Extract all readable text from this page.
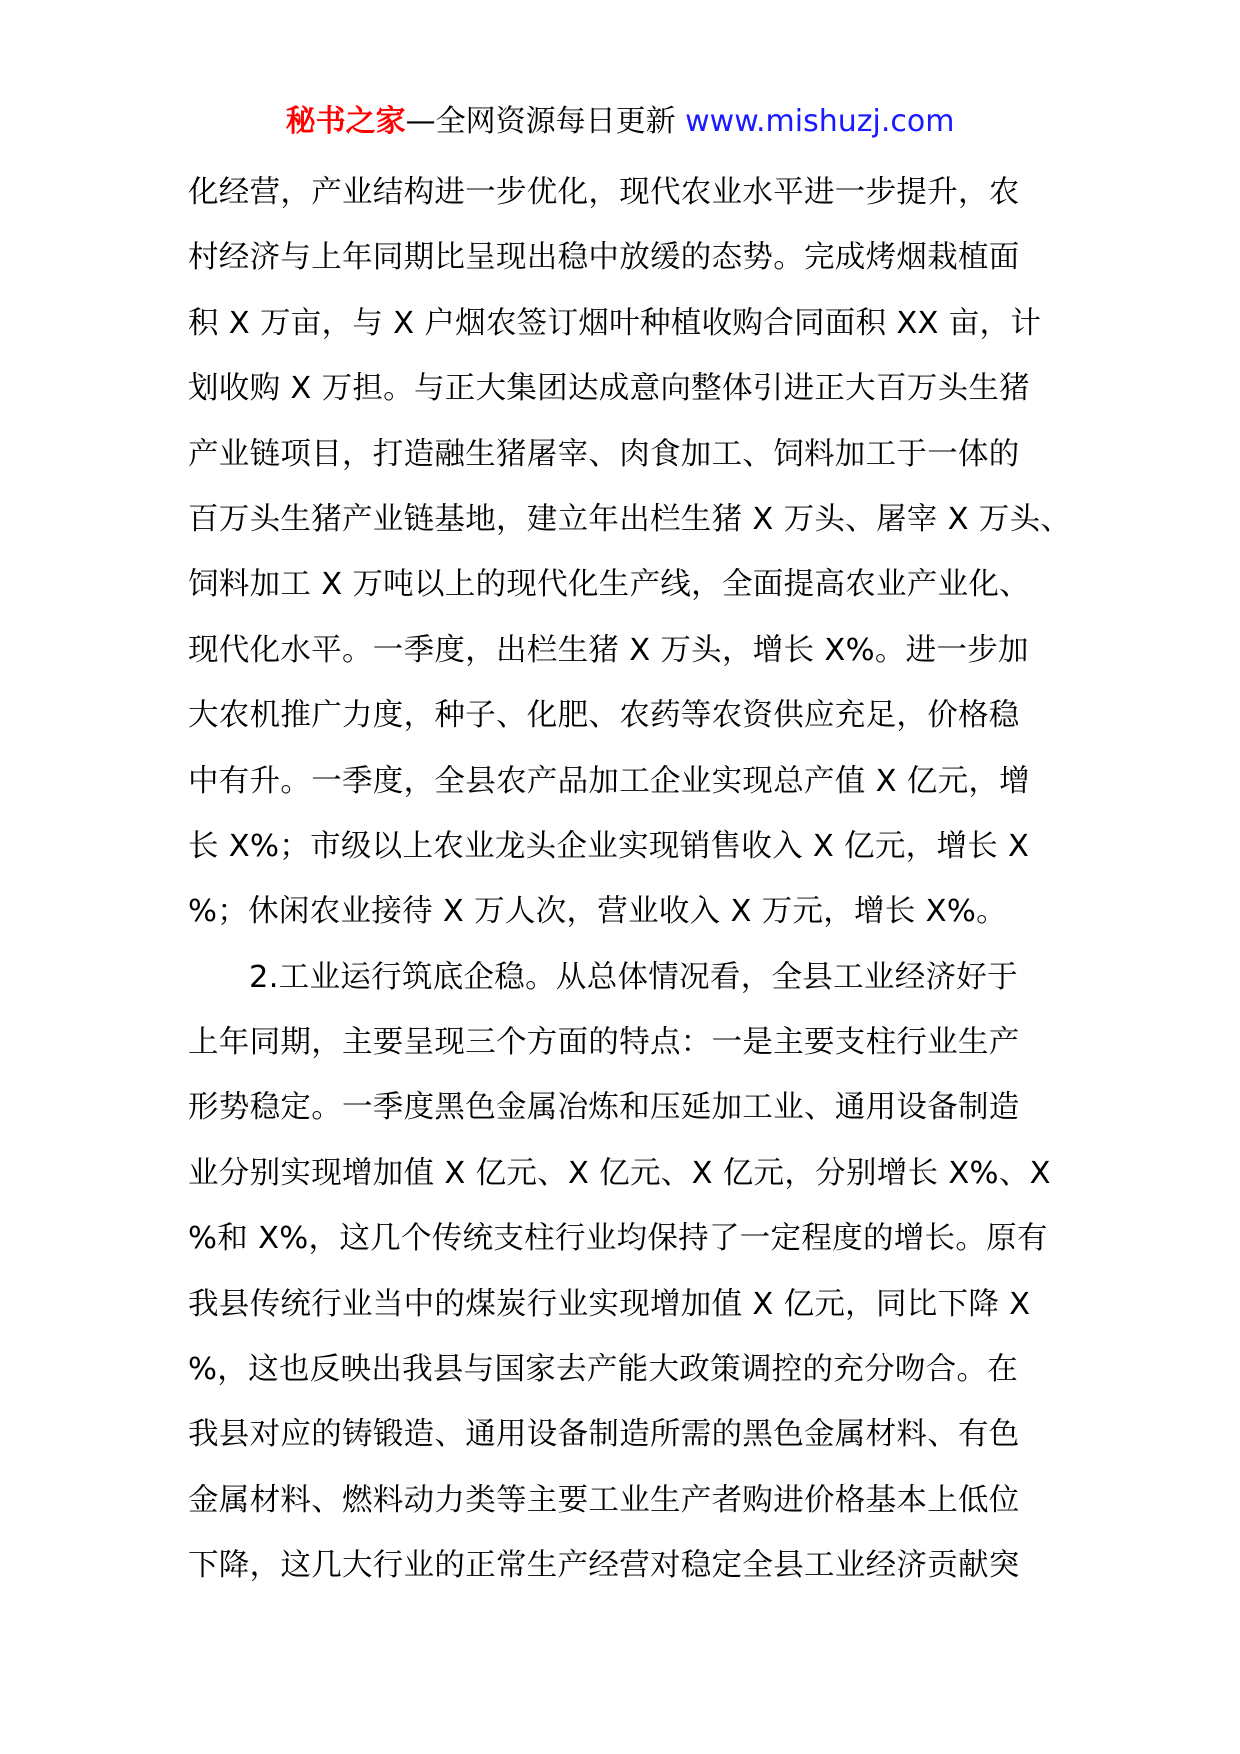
秘书之家—全网资源每日更新 www.mishuzj.com
化经营，产业结构进一步优化，现代农业水平进一步提升，农
村经济与上年同期比呈现出稳中放缓的态势。完成烤烟栽植面
积 X 万亩，与 X 户烟农签订烟叶种植收购合同面积 XX 亩，计
划收购 X 万担。与正大集团达成意向整体引进正大百万头生猪
产业链项目，打造融生猪屠宰、肉食加工、饲料加工于一体的
百万头生猪产业链基地，建立年出栏生猪 X 万头、屠宰 X 万头、
饲料加工 X 万吨以上的现代化生产线，全面提高农业产业化、
现代化水平。一季度，出栏生猪 X 万头，增长 X%。进一步加
大农机推广力度，种子、化肥、农药等农资供应充足，价格稳
中有升。一季度，全县农产品加工企业实现总产值 X 亿元，增
长 X%；市级以上农业龙头企业实现销售收入 X 亿元，增长 X
%；休闲农业接待 X 万人次，营业收入 X 万元，增长 X%。
2.工业运行筑底企稳。从总体情况看，全县工业经济好于
上年同期，主要呈现三个方面的特点：一是主要支柱行业生产
形势稳定。一季度黑色金属冶炼和压延加工业、通用设备制造
业分别实现增加值 X 亿元、X 亿元、X 亿元，分别增长 X%、X
%和 X%，这几个传统支柱行业均保持了一定程度的增长。原有
我县传统行业当中的煤炭行业实现增加值 X 亿元，同比下降 X
%，这也反映出我县与国家去产能大政策调控的充分吻合。在
我县对应的铸锻造、通用设备制造所需的黑色金属材料、有色
金属材料、燃料动力类等主要工业生产者购进价格基本上低位
下降，这几大行业的正常生产经营对稳定全县工业经济贡献突
